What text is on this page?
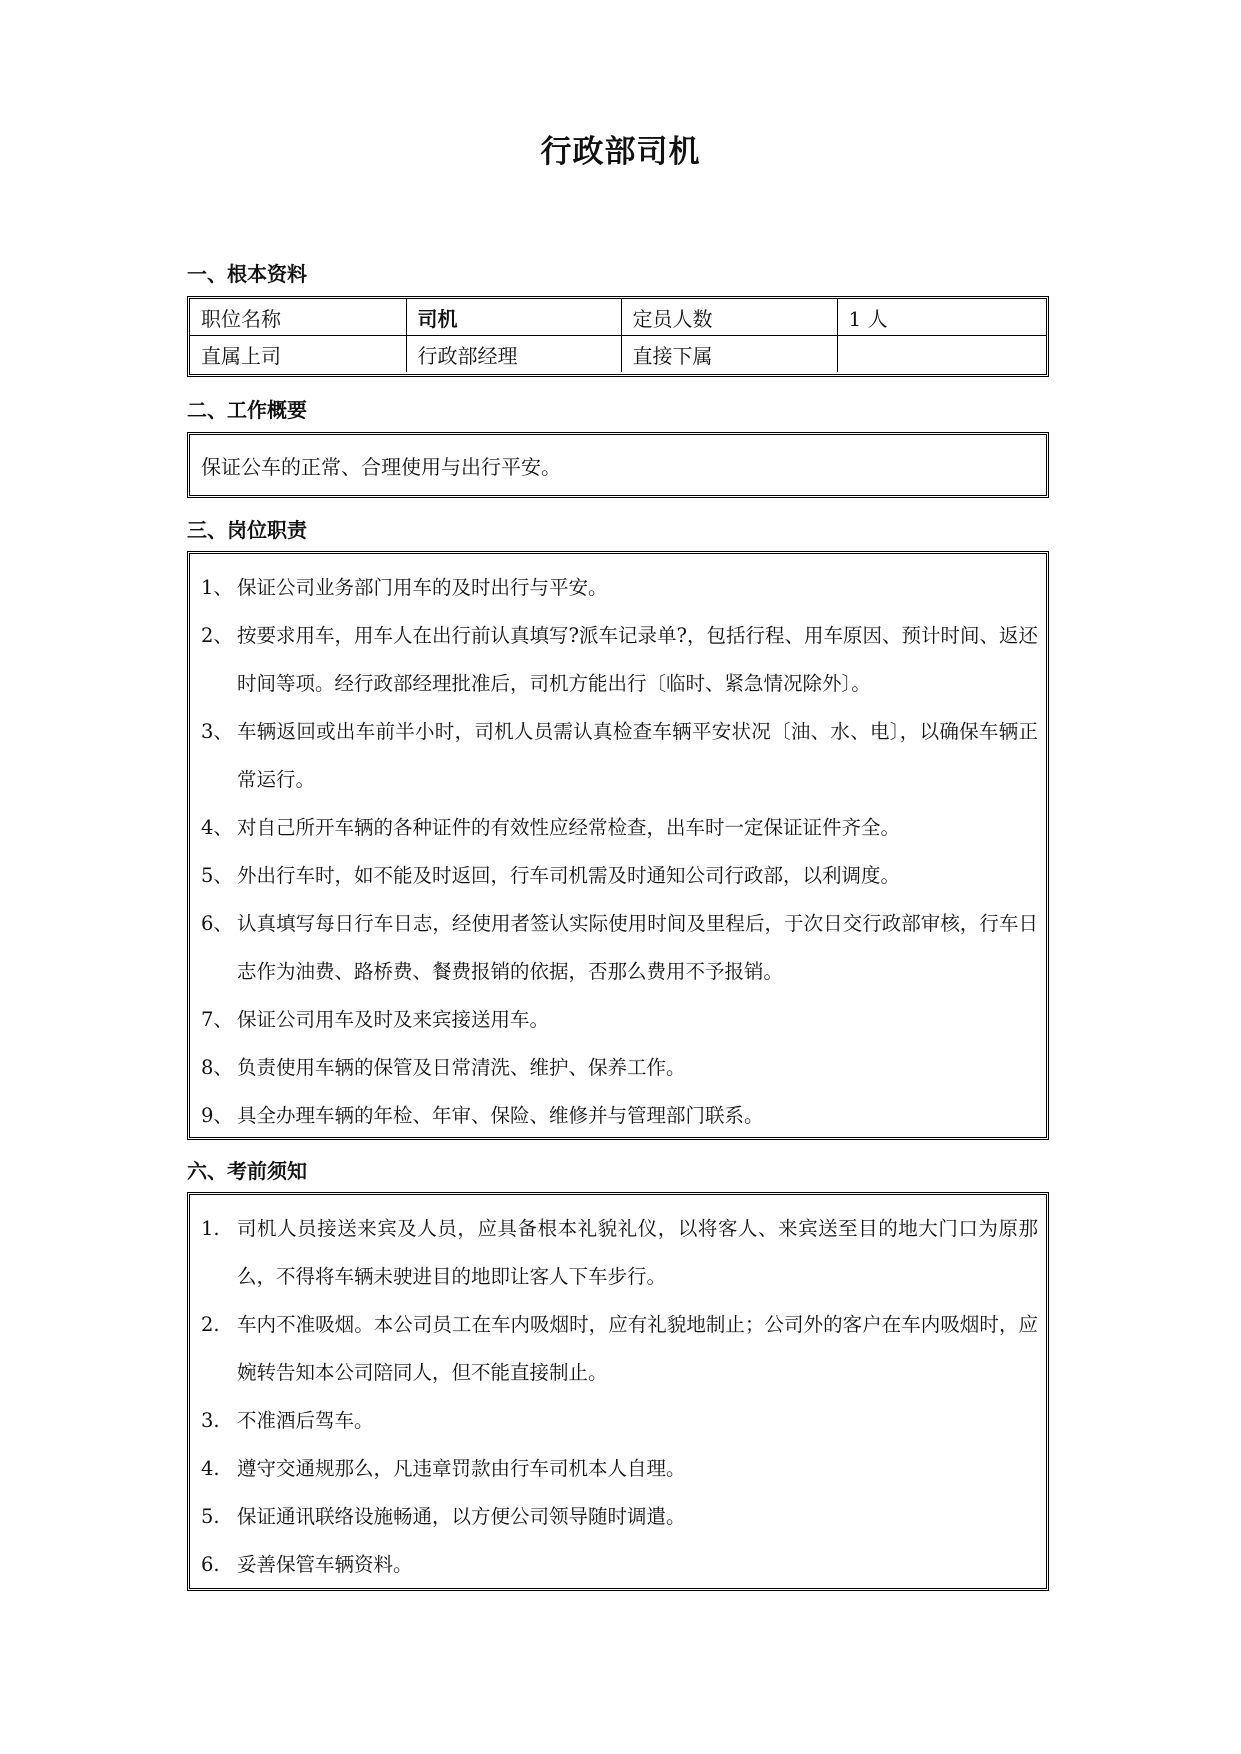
行政部司机
一、根本资料
职位名称	司机	定员人数	1 人
直属上司	行政部经理	直接下属	
二、工作概要
保证公车的正常、合理使用与出行平安。
三、岗位职责
1、 保证公司业务部门用车的及时出行与平安。
2、 按要求用车，用车人在出行前认真填写?派车记录单?，包括行程、用车原因、预计时间、返还时间等项。经行政部经理批准后，司机方能出行〔临时、紧急情况除外〕。
3、 车辆返回或出车前半小时，司机人员需认真检查车辆平安状况〔油、水、电〕，以确保车辆正常运行。
4、 对自己所开车辆的各种证件的有效性应经常检查，出车时一定保证证件齐全。
5、 外出行车时，如不能及时返回，行车司机需及时通知公司行政部，以利调度。
6、 认真填写每日行车日志，经使用者签认实际使用时间及里程后，于次日交行政部审核，行车日志作为油费、路桥费、餐费报销的依据，否那么费用不予报销。
7、 保证公司用车及时及来宾接送用车。
8、 负责使用车辆的保管及日常清洗、维护、保养工作。
9、 具全办理车辆的年检、年审、保险、维修并与管理部门联系。
六、考前须知
1. 司机人员接送来宾及人员，应具备根本礼貌礼仪，以将客人、来宾送至目的地大门口为原那么，不得将车辆未驶进目的地即让客人下车步行。
2. 车内不准吸烟。本公司员工在车内吸烟时，应有礼貌地制止；公司外的客户在车内吸烟时，应婉转告知本公司陪同人，但不能直接制止。
3. 不准酒后驾车。
4. 遵守交通规那么，凡违章罚款由行车司机本人自理。
5. 保证通讯联络设施畅通，以方便公司领导随时调遣。
6. 妥善保管车辆资料。
